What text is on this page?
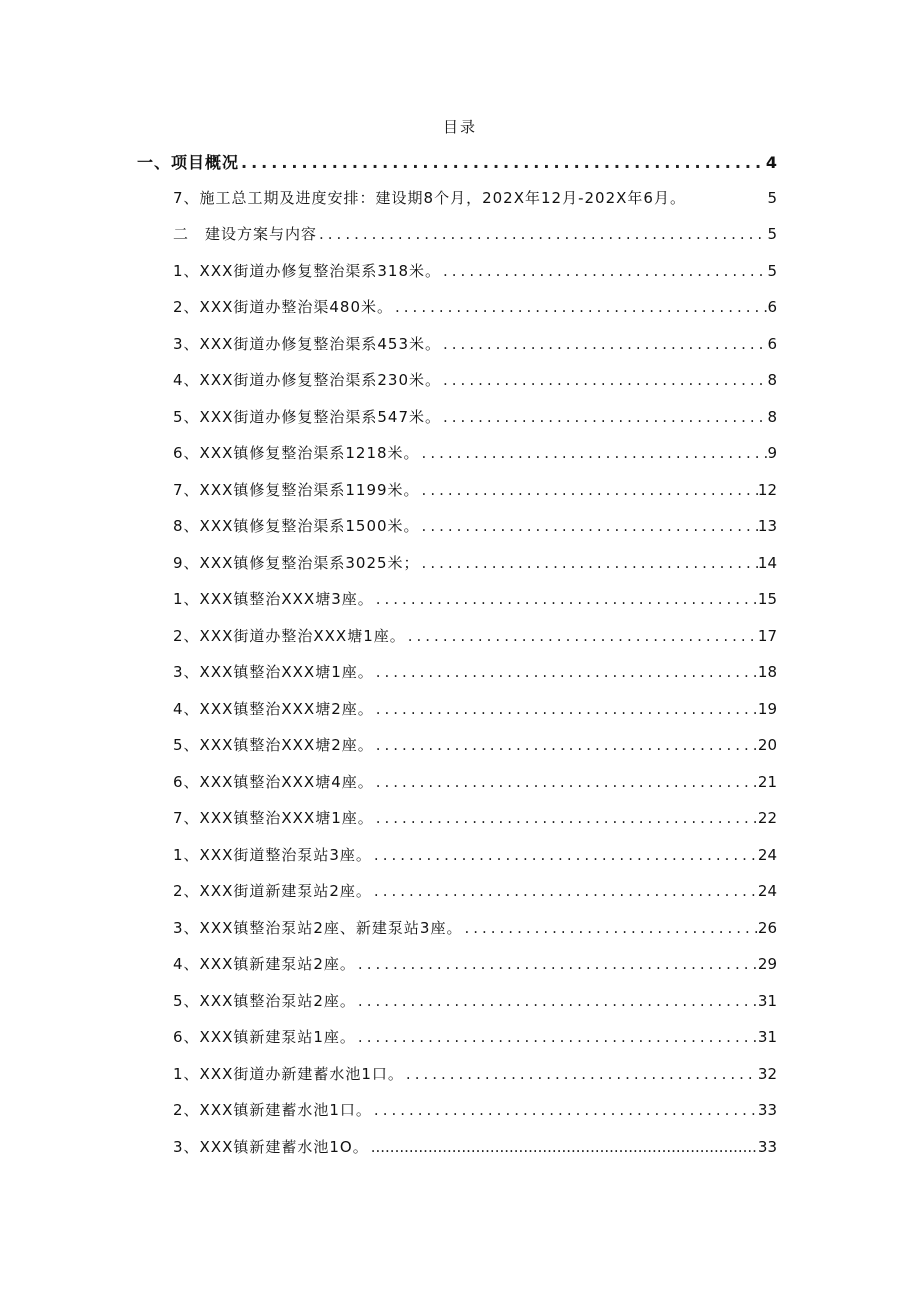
目录
一、项目概况 .....	4
7、施工总工期及进度安排：建设期8个月，202X年12月-202X年6月。	5
二　建设方案与内容 .....	5
1、XXX街道办修复整治渠系318米。 .....	5
2、XXX街道办整治渠480米。 .....	6
3、XXX街道办修复整治渠系453米。 .....	6
4、XXX街道办修复整治渠系230米。 .....	8
5、XXX街道办修复整治渠系547米。 .....	8
6、XXX镇修复整治渠系1218米。 .....	9
7、XXX镇修复整治渠系1199米。 .....	12
8、XXX镇修复整治渠系1500米。 .....	13
9、XXX镇修复整治渠系3025米； .....	14
1、XXX镇整治XXX塘3座。 .....	15
2、XXX街道办整治XXX塘1座。 .....	17
3、XXX镇整治XXX塘1座。 .....	18
4、XXX镇整治XXX塘2座。 .....	19
5、XXX镇整治XXX塘2座。 .....	20
6、XXX镇整治XXX塘4座。 .....	21
7、XXX镇整治XXX塘1座。 .....	22
1、XXX街道整治泵站3座。 .....	24
2、XXX街道新建泵站2座。 .....	24
3、XXX镇整治泵站2座、新建泵站3座。 .....	26
4、XXX镇新建泵站2座。 .....	29
5、XXX镇整治泵站2座。 .....	31
6、XXX镇新建泵站1座。 .....	31
1、XXX街道办新建蓄水池1口。 .....	32
2、XXX镇新建蓄水池1口。 .....	33
3、XXX镇新建蓄水池1O。 .....	33
